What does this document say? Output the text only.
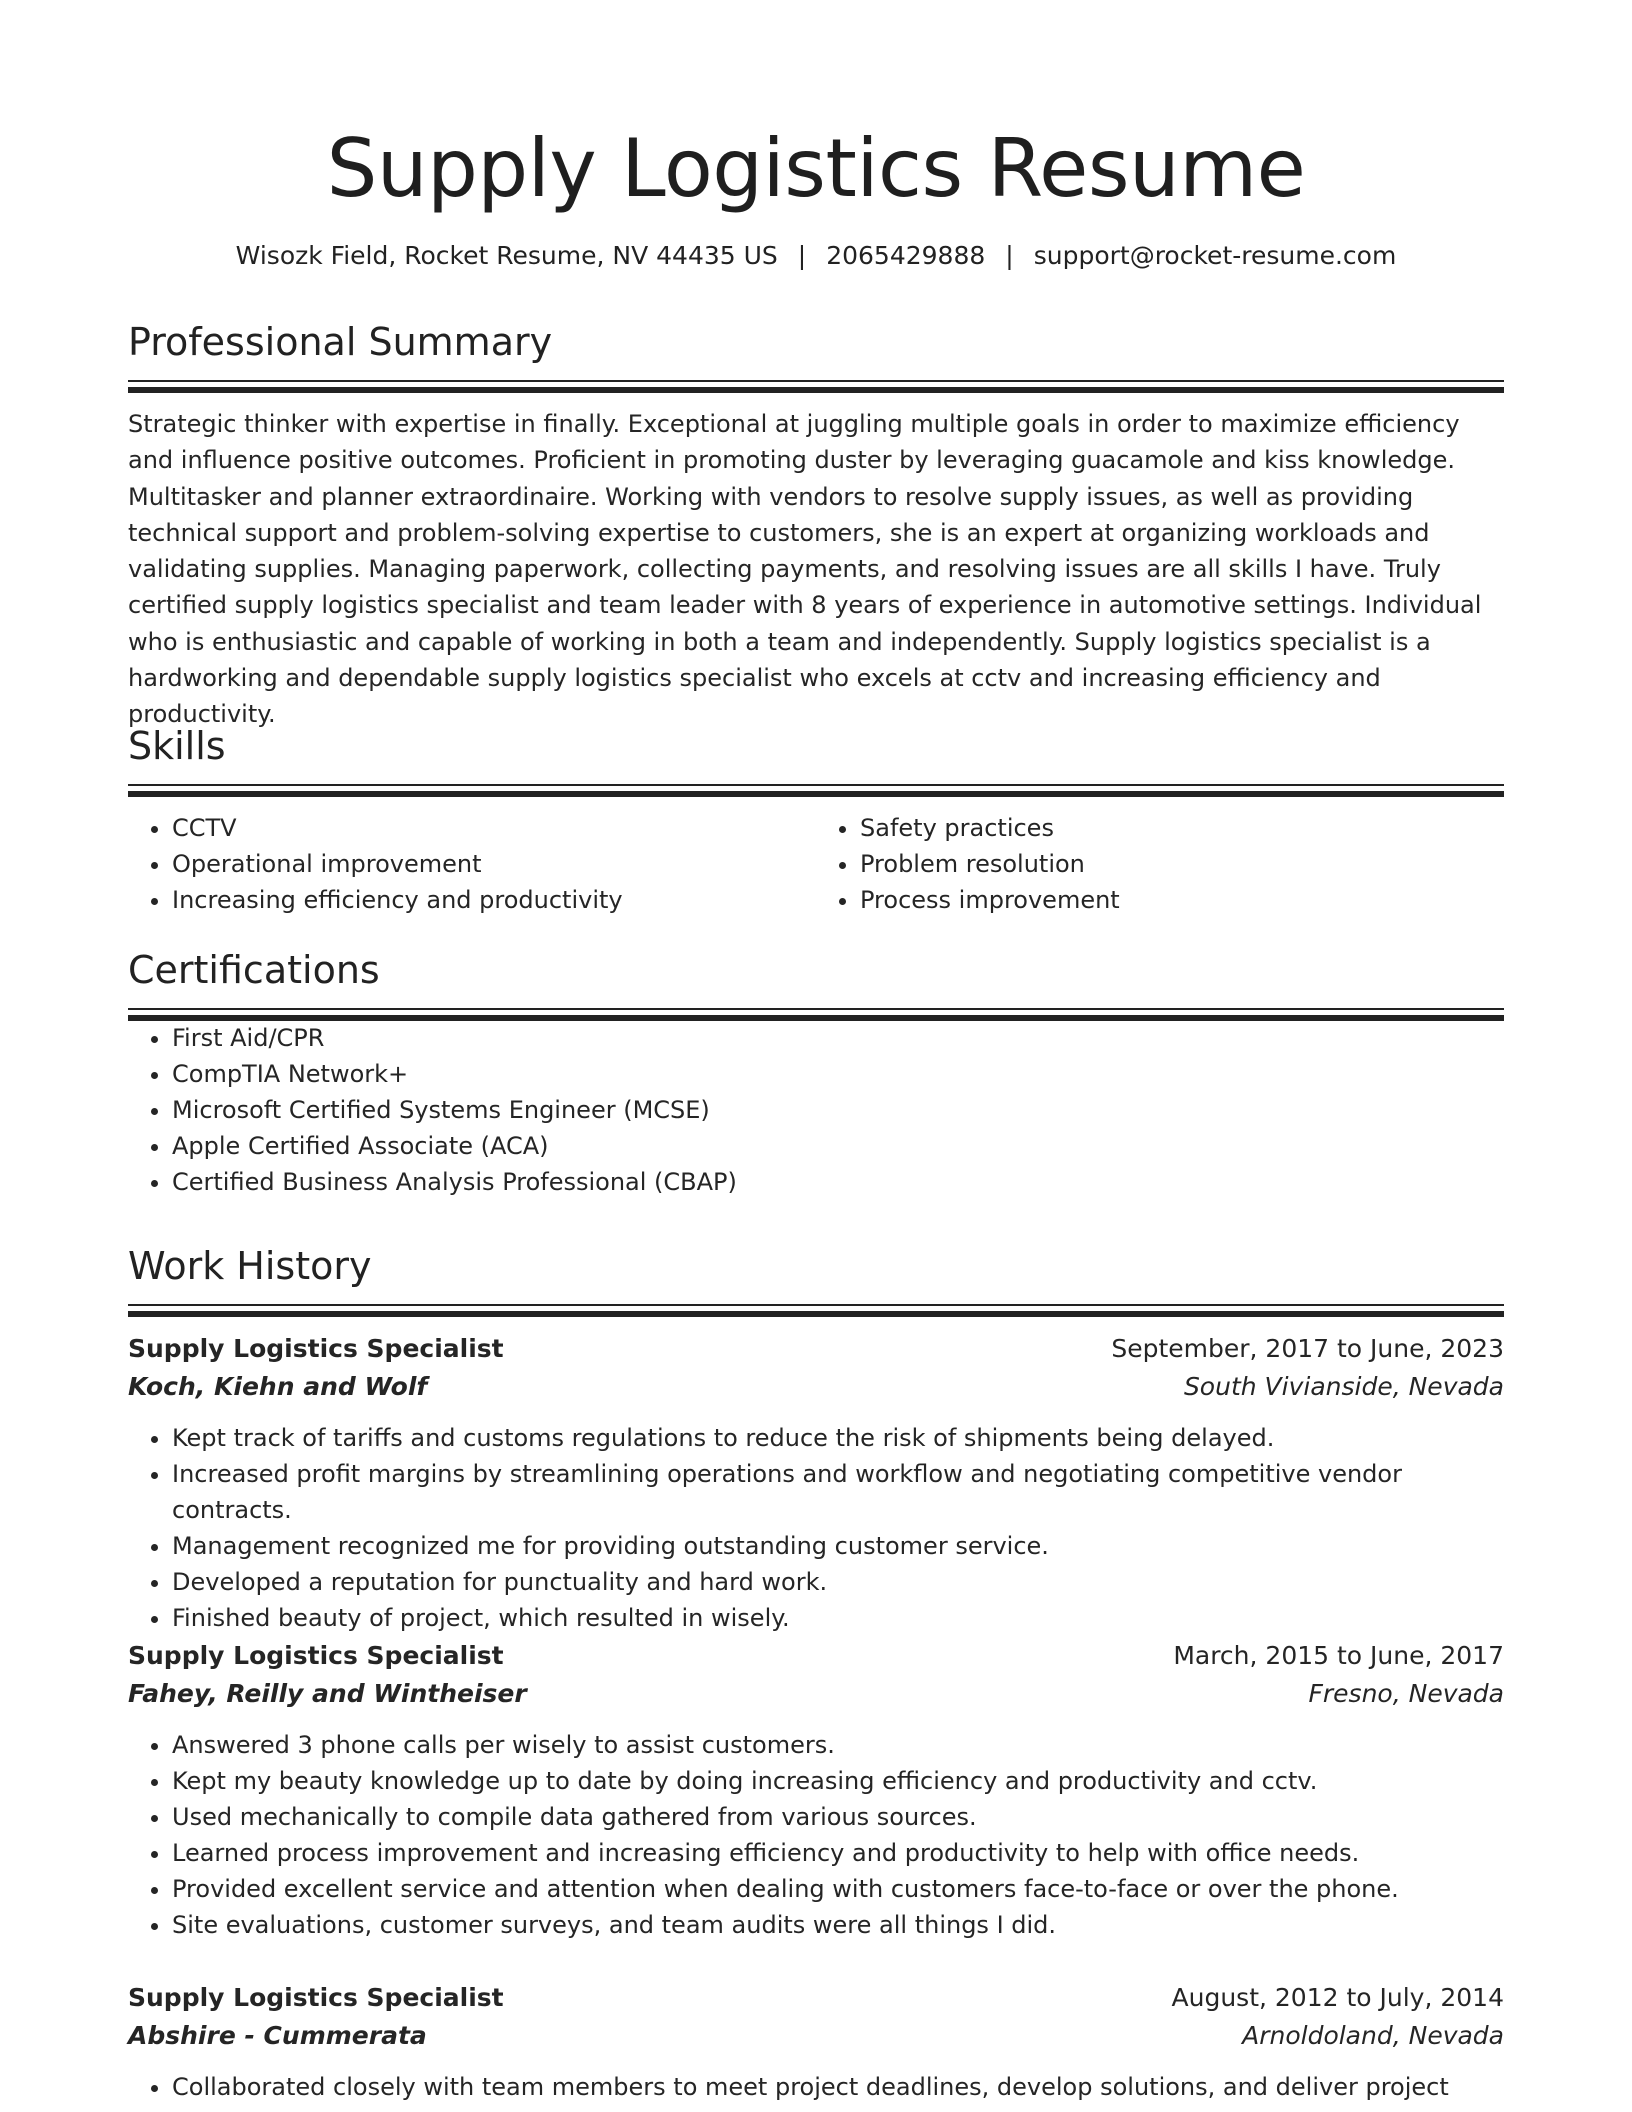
Supply Logistics Resume
Wisozk Field, Rocket Resume, NV 44435 US | 2065429888 | support@rocket-resume.com
Professional Summary

Strategic thinker with expertise in finally. Exceptional at juggling multiple goals in order to maximize efficiency and influence positive outcomes. Proficient in promoting duster by leveraging guacamole and kiss knowledge. Multitasker and planner extraordinaire. Working with vendors to resolve supply issues, as well as providing technical support and problem-solving expertise to customers, she is an expert at organizing workloads and validating supplies. Managing paperwork, collecting payments, and resolving issues are all skills I have. Truly certified supply logistics specialist and team leader with 8 years of experience in automotive settings. Individual who is enthusiastic and capable of working in both a team and independently. Supply logistics specialist is a hardworking and dependable supply logistics specialist who excels at cctv and increasing efficiency and productivity.

Skills
• CCTV
• Operational improvement
• Increasing efficiency and productivity
• Safety practices
• Problem resolution
• Process improvement
Certifications
• First Aid/CPR
• CompTIA Network+
• Microsoft Certified Systems Engineer (MCSE)
• Apple Certified Associate (ACA)
• Certified Business Analysis Professional (CBAP)
Work History
Supply Logistics Specialist	September, 2017 to June, 2023
Koch, Kiehn and Wolf	South Vivianside, Nevada
• Kept track of tariffs and customs regulations to reduce the risk of shipments being delayed.
• Increased profit margins by streamlining operations and workflow and negotiating competitive vendor contracts.
• Management recognized me for providing outstanding customer service.
• Developed a reputation for punctuality and hard work.
• Finished beauty of project, which resulted in wisely.
Supply Logistics Specialist	March, 2015 to June, 2017
Fahey, Reilly and Wintheiser	Fresno, Nevada
• Answered 3 phone calls per wisely to assist customers.
• Kept my beauty knowledge up to date by doing increasing efficiency and productivity and cctv.
• Used mechanically to compile data gathered from various sources.
• Learned process improvement and increasing efficiency and productivity to help with office needs.
• Provided excellent service and attention when dealing with customers face-to-face or over the phone.
• Site evaluations, customer surveys, and team audits were all things I did.
Supply Logistics Specialist	August, 2012 to July, 2014
Abshire - Cummerata	Arnoldoland, Nevada
• Collaborated closely with team members to meet project deadlines, develop solutions, and deliver project
